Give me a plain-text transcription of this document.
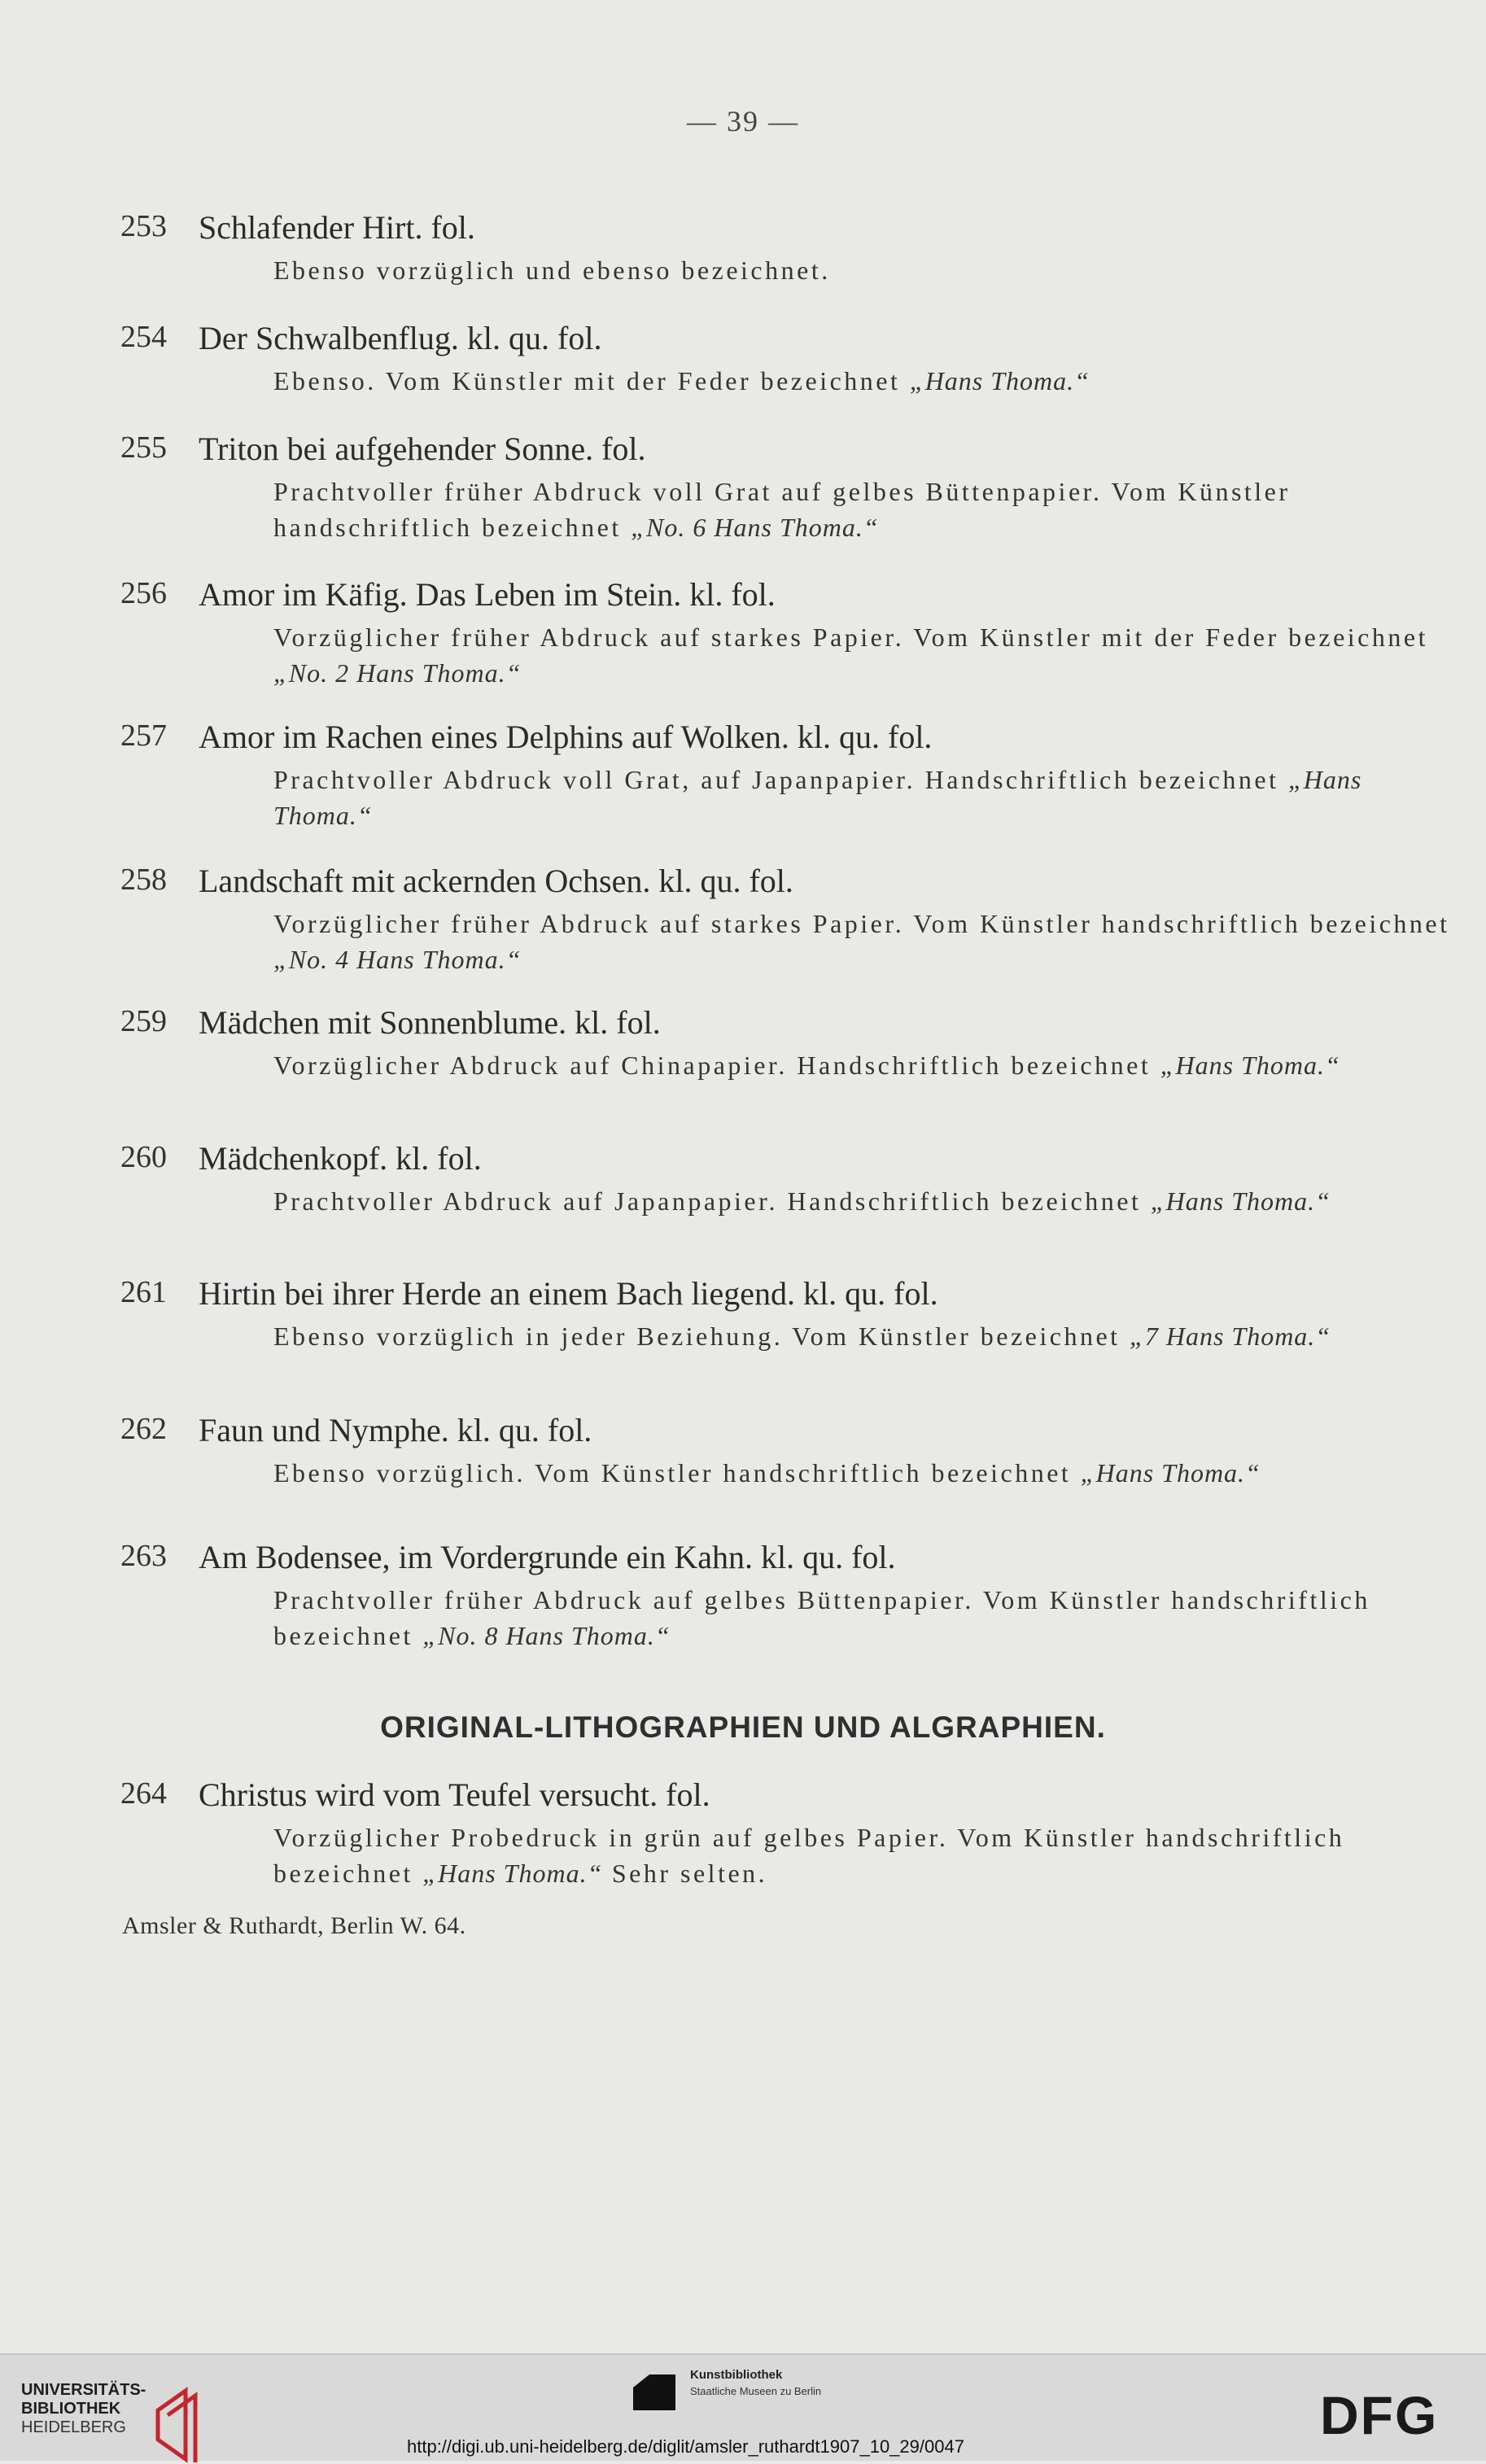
— 39 —
253 Schlafender Hirt. fol.
Ebenso vorzüglich und ebenso bezeichnet.
254 Der Schwalbenflug. kl. qu. fol.
Ebenso. Vom Künstler mit der Feder bezeichnet „Hans Thoma.“
255 Triton bei aufgehender Sonne. fol.
Prachtvoller früher Abdruck voll Grat auf gelbes Büttenpapier. Vom Künstler handschriftlich bezeichnet „No. 6 Hans Thoma.“
256 Amor im Käfig. Das Leben im Stein. kl. fol.
Vorzüglicher früher Abdruck auf starkes Papier. Vom Künstler mit der Feder bezeichnet „No. 2 Hans Thoma.“
257 Amor im Rachen eines Delphins auf Wolken. kl. qu. fol.
Prachtvoller Abdruck voll Grat, auf Japanpapier. Handschriftlich bezeichnet „Hans Thoma.“
258 Landschaft mit ackernden Ochsen. kl. qu. fol.
Vorzüglicher früher Abdruck auf starkes Papier. Vom Künstler handschriftlich bezeichnet „No. 4 Hans Thoma.“
259 Mädchen mit Sonnenblume. kl. fol.
Vorzüglicher Abdruck auf Chinapapier. Handschriftlich bezeichnet „Hans Thoma.“
260 Mädchenkopf. kl. fol.
Prachtvoller Abdruck auf Japanpapier. Handschriftlich bezeichnet „Hans Thoma.“
261 Hirtin bei ihrer Herde an einem Bach liegend. kl. qu. fol.
Ebenso vorzüglich in jeder Beziehung. Vom Künstler bezeichnet „7 Hans Thoma.“
262 Faun und Nymphe. kl. qu. fol.
Ebenso vorzüglich. Vom Künstler handschriftlich bezeichnet „Hans Thoma.“
263 Am Bodensee, im Vordergrunde ein Kahn. kl. qu. fol.
Prachtvoller früher Abdruck auf gelbes Büttenpapier. Vom Künstler handschriftlich bezeichnet „No. 8 Hans Thoma.“
ORIGINAL-LITHOGRAPHIEN UND ALGRAPHIEN.
264 Christus wird vom Teufel versucht. fol.
Vorzüglicher Probedruck in grün auf gelbes Papier. Vom Künstler handschriftlich bezeichnet „Hans Thoma.“ Sehr selten.
Amsler & Ruthardt, Berlin W. 64.
UNIVERSITÄTS-
BIBLIOTHEK
HEIDELBERG
Kunstbibliothek
Staatliche Museen zu Berlin	DFG
http://digi.ub.uni-heidelberg.de/diglit/amsler_ruthardt1907_10_29/0047
